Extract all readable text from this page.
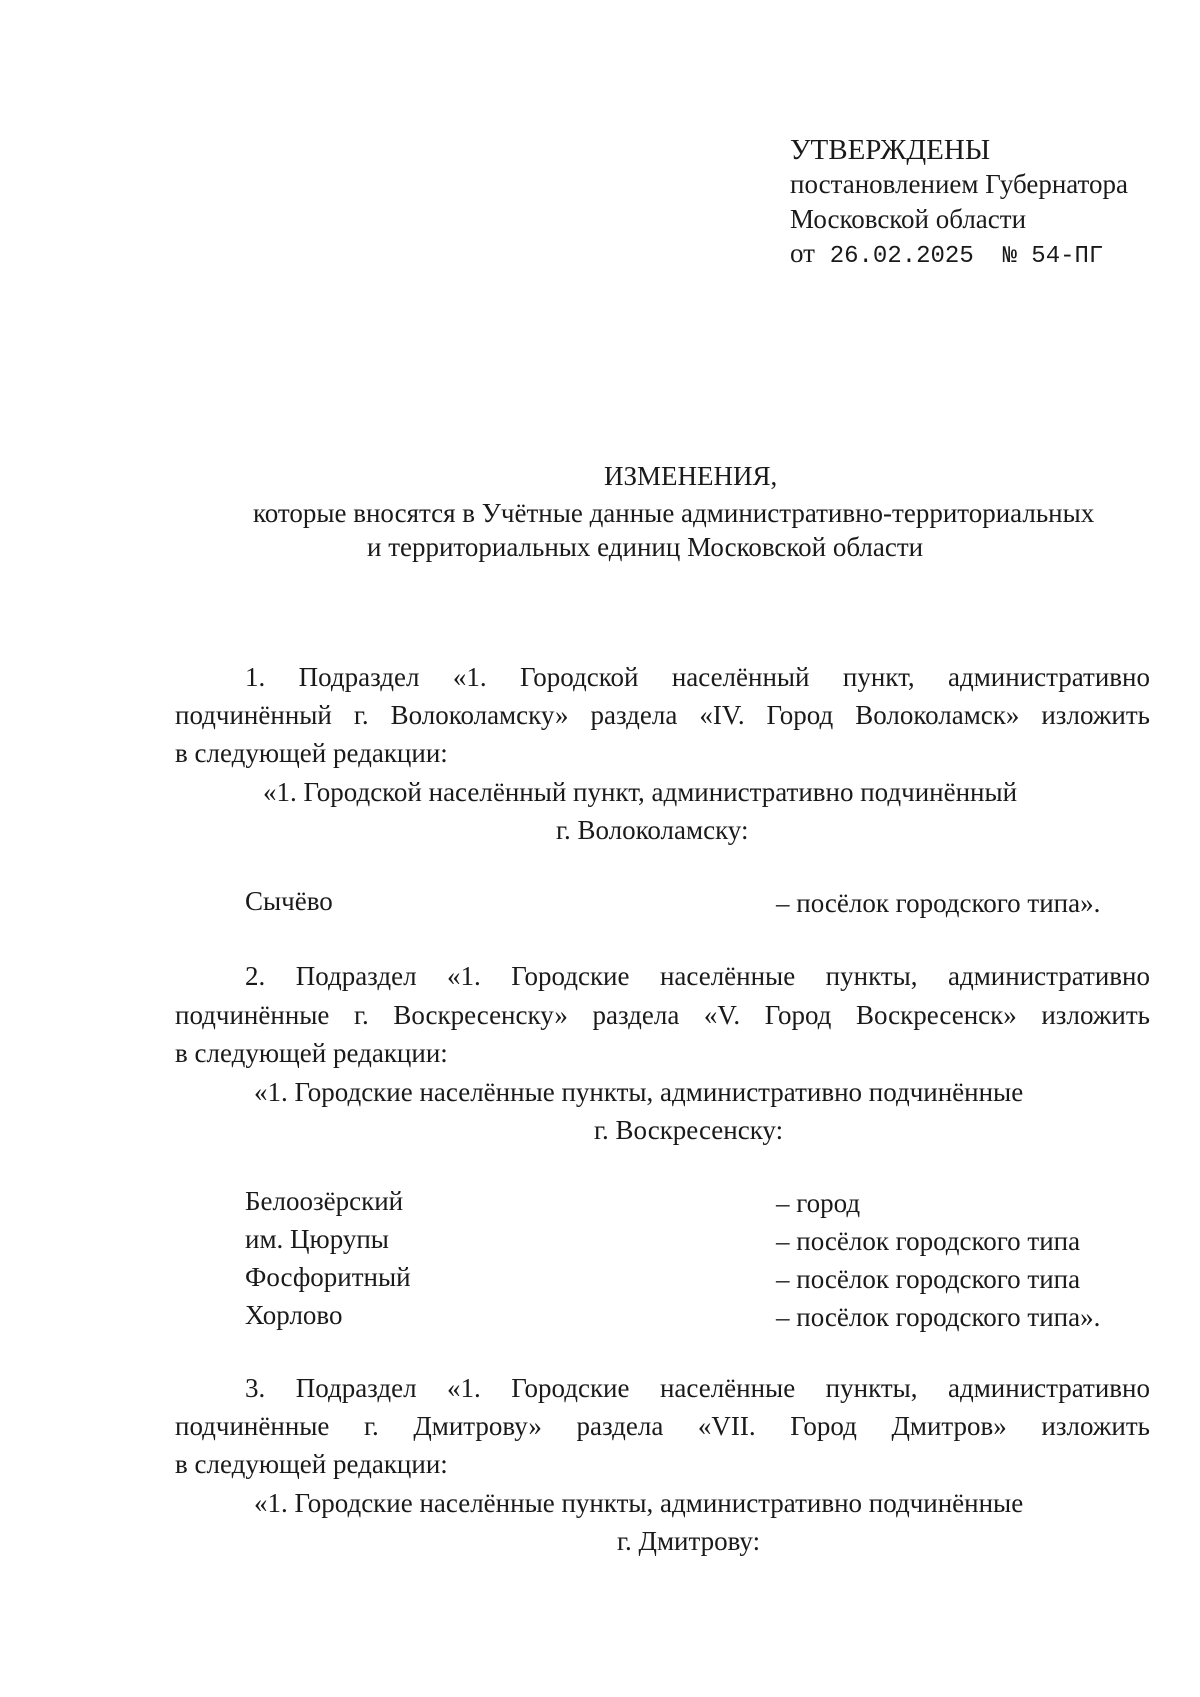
УТВЕРЖДЕНЫ
постановлением Губернатора
Московской области
от 26.02.2025 № 54-ПГ
ИЗМЕНЕНИЯ,
которые вносятся в Учётные данные административно-территориальных
и территориальных единиц Московской области
1. Подраздел «1. Городской населённый пункт, административно
подчинённый г. Волоколамску» раздела «IV. Город Волоколамск» изложить
в следующей редакции:
«1. Городской населённый пункт, административно подчинённый
г. Волоколамску:
Сычёво	– посёлок городского типа».
2. Подраздел «1. Городские населённые пункты, административно
подчинённые г. Воскресенску» раздела «V. Город Воскресенск» изложить
в следующей редакции:
«1. Городские населённые пункты, административно подчинённые
г. Воскресенску:
Белоозёрский	– город
им. Цюрупы	– посёлок городского типа
Фосфоритный	– посёлок городского типа
Хорлово	– посёлок городского типа».
3. Подраздел «1. Городские населённые пункты, административно
подчинённые г. Дмитрову» раздела «VII. Город Дмитров» изложить
в следующей редакции:
«1. Городские населённые пункты, административно подчинённые
г. Дмитрову:
